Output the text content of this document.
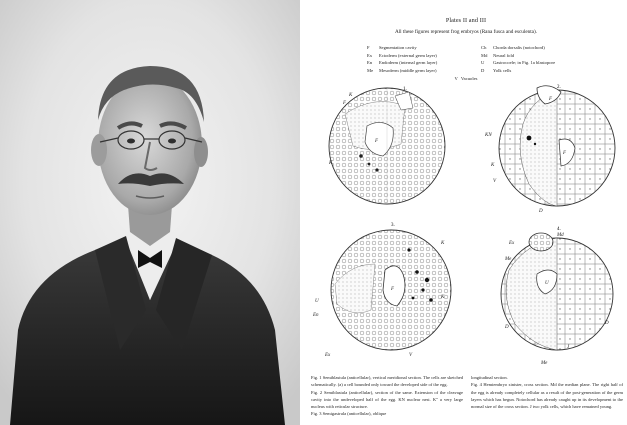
Plates II and III
All these figures represent frog embryos (Rana fusca and esculenta).
F Segmentation cavity
Ex Ectoderm (external germ layer)
En Endoderm (internal germ layer)
Me Mesoderm (middle germ layer)
Ch Chorda dorsalis (notochord)
Md Neural fold
U Gastrocoele; in Fig. 1a blastopore
D Yolk cells
V Vacuoles
1.	2.
3.
4.
F
K
F
K
F
KN
K
V
F
D
K
F
U
En
Ex	V
K
Md
Ex
Me
U
D
D
Me
J

Fig. 1 Semiblastula (anticellular), vertical meridional section. The cells are sketched schematically. (a) a cell bounded only toward the developed side of the egg.

Fig. 2 Semiblastula (anticellular), section of the same. Extension of the cleavage cavity into the undeveloped half of the egg. KN nuclear nest. K'' a very large nucleus with reticular structure.

Fig. 3 Semigastrula (anticellular), oblique

longitudinal section.

Fig. 4 Hemiembryo sinister, cross section. Md the median plane. The right half of the egg is already completely cellular as a result of the post-generation of the germ layers which has begun. Notochord has already caught up in its development to the normal size of the cross section. J two yolk cells, which have remained young.
